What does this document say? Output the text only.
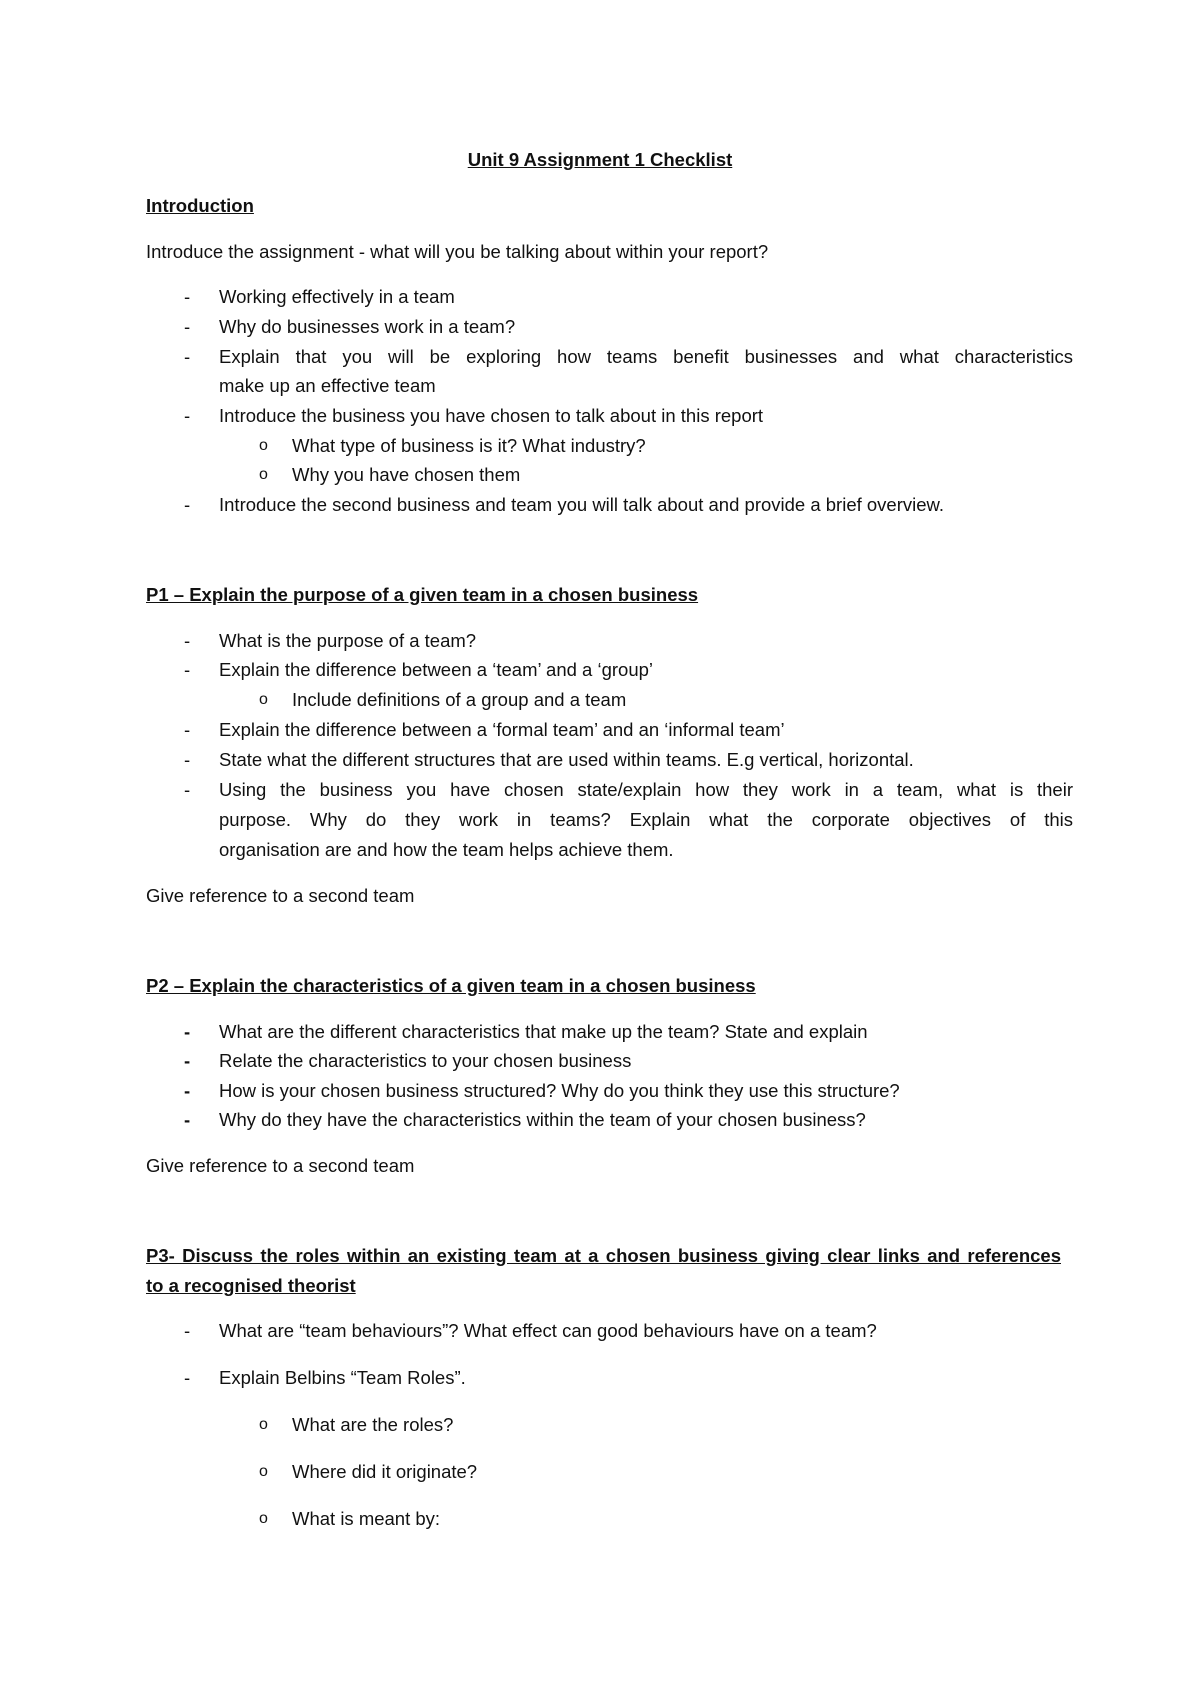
Unit 9 Assignment 1 Checklist
Introduction
Introduce the assignment - what will you be talking about within your report?
- Working effectively in a team
- Why do businesses work in a team?
- Explain that you will be exploring how teams benefit businesses and what characteristics
make up an effective team
- Introduce the business you have chosen to talk about in this report
o What type of business is it? What industry?
o Why you have chosen them
- Introduce the second business and team you will talk about and provide a brief overview.
P1 – Explain the purpose of a given team in a chosen business
- What is the purpose of a team?
- Explain the difference between a ‘team’ and a ‘group’
o Include definitions of a group and a team
- Explain the difference between a ‘formal team’ and an ‘informal team’
- State what the different structures that are used within teams. E.g vertical, horizontal.
- Using the business you have chosen state/explain how they work in a team, what is their
purpose. Why do they work in teams? Explain what the corporate objectives of this
organisation are and how the team helps achieve them.
Give reference to a second team
P2 – Explain the characteristics of a given team in a chosen business
- What are the different characteristics that make up the team? State and explain
- Relate the characteristics to your chosen business
- How is your chosen business structured? Why do you think they use this structure?
- Why do they have the characteristics within the team of your chosen business?
Give reference to a second team
P3- Discuss the roles within an existing team at a chosen business giving clear links and references
to a recognised theorist
- What are “team behaviours”? What effect can good behaviours have on a team?
- Explain Belbins “Team Roles”.
o What are the roles?
o Where did it originate?
o What is meant by:
